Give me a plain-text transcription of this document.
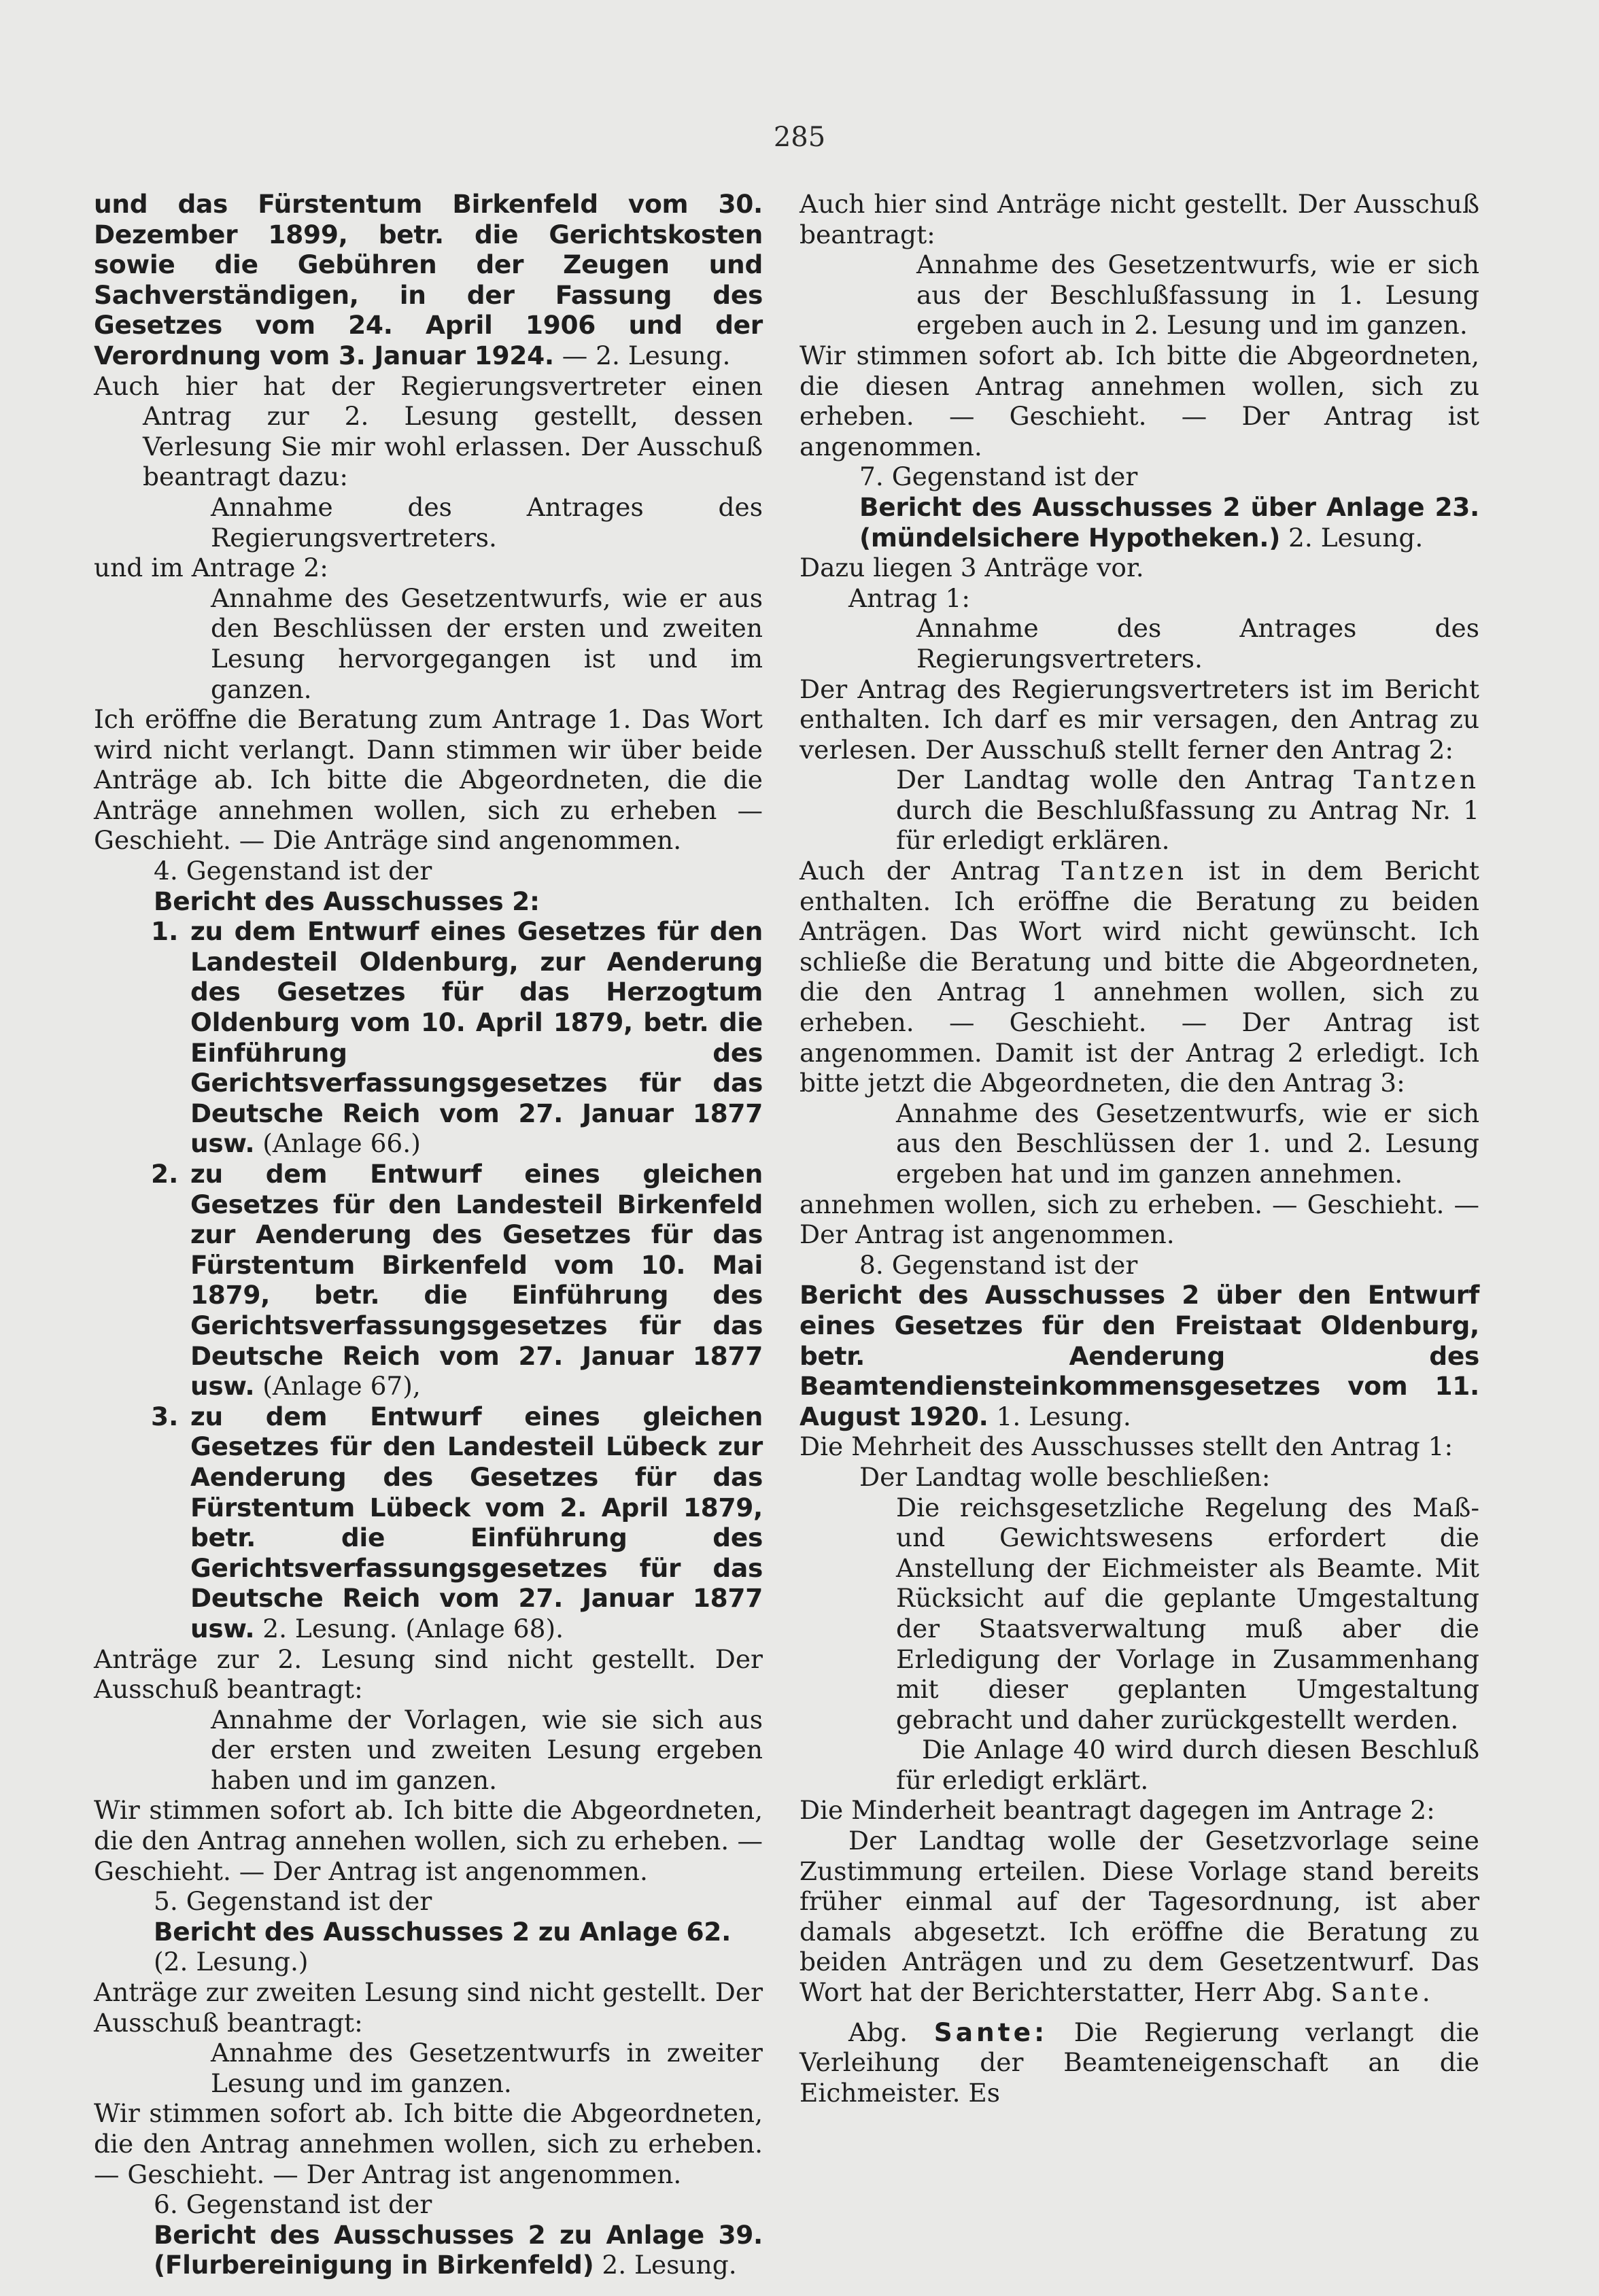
285

und das Fürstentum Birkenfeld vom 30. Dezember 1899, betr. die Gerichtskosten sowie die Gebühren der Zeugen und Sachverständigen, in der Fassung des Gesetzes vom 24. April 1906 und der Verordnung vom 3. Januar 1924. — 2. Lesung.

Auch hier hat der Regierungsvertreter einen Antrag zur 2. Lesung gestellt, dessen Verlesung Sie mir wohl erlassen. Der Ausschuß beantragt dazu:

Annahme des Antrages des Regierungsvertreters.

und im Antrage 2:

Annahme des Gesetzentwurfs, wie er aus den Beschlüssen der ersten und zweiten Lesung hervorgegangen ist und im ganzen.

Ich eröffne die Beratung zum Antrage 1. Das Wort wird nicht verlangt. Dann stimmen wir über beide Anträge ab. Ich bitte die Abgeordneten, die die Anträge annehmen wollen, sich zu erheben — Geschieht. — Die Anträge sind angenommen.

4. Gegenstand ist der

Bericht des Ausschusses 2:

1. zu dem Entwurf eines Gesetzes für den Landesteil Oldenburg, zur Aenderung des Gesetzes für das Herzogtum Oldenburg vom 10. April 1879, betr. die Einführung des Gerichtsverfassungsgesetzes für das Deutsche Reich vom 27. Januar 1877 usw. (Anlage 66.)
2. zu dem Entwurf eines gleichen Gesetzes für den Landesteil Birkenfeld zur Aenderung des Gesetzes für das Fürstentum Birkenfeld vom 10. Mai 1879, betr. die Einführung des Gerichtsverfassungsgesetzes für das Deutsche Reich vom 27. Januar 1877 usw. (Anlage 67),
3. zu dem Entwurf eines gleichen Gesetzes für den Landesteil Lübeck zur Aenderung des Gesetzes für das Fürstentum Lübeck vom 2. April 1879, betr. die Einführung des Gerichtsverfassungsgesetzes für das Deutsche Reich vom 27. Januar 1877 usw. 2. Lesung. (Anlage 68).

Anträge zur 2. Lesung sind nicht gestellt. Der Ausschuß beantragt:

Annahme der Vorlagen, wie sie sich aus der ersten und zweiten Lesung ergeben haben und im ganzen.

Wir stimmen sofort ab. Ich bitte die Abgeordneten, die den Antrag annehen wollen, sich zu erheben. — Geschieht. — Der Antrag ist angenommen.

5. Gegenstand ist der

Bericht des Ausschusses 2 zu Anlage 62. (2. Lesung.)

Anträge zur zweiten Lesung sind nicht gestellt. Der Ausschuß beantragt:

Annahme des Gesetzentwurfs in zweiter Lesung und im ganzen.

Wir stimmen sofort ab. Ich bitte die Abgeordneten, die den Antrag annehmen wollen, sich zu erheben. — Geschieht. — Der Antrag ist angenommen.

6. Gegenstand ist der

Bericht des Ausschusses 2 zu Anlage 39. (Flurbereinigung in Birkenfeld) 2. Lesung.

Auch hier sind Anträge nicht gestellt. Der Ausschuß beantragt:

Annahme des Gesetzentwurfs, wie er sich aus der Beschlußfassung in 1. Lesung ergeben auch in 2. Lesung und im ganzen.

Wir stimmen sofort ab. Ich bitte die Abgeordneten, die diesen Antrag annehmen wollen, sich zu erheben. — Geschieht. — Der Antrag ist angenommen.

7. Gegenstand ist der

Bericht des Ausschusses 2 über Anlage 23. (mündelsichere Hypotheken.) 2. Lesung.

Dazu liegen 3 Anträge vor.

Antrag 1:

Annahme des Antrages des Regierungsvertreters.

Der Antrag des Regierungsvertreters ist im Bericht enthalten. Ich darf es mir versagen, den Antrag zu verlesen. Der Ausschuß stellt ferner den Antrag 2:

Der Landtag wolle den Antrag Tantzen durch die Beschlußfassung zu Antrag Nr. 1 für erledigt erklären.

Auch der Antrag Tantzen ist in dem Bericht enthalten. Ich eröffne die Beratung zu beiden Anträgen. Das Wort wird nicht gewünscht. Ich schließe die Beratung und bitte die Abgeordneten, die den Antrag 1 annehmen wollen, sich zu erheben. — Geschieht. — Der Antrag ist angenommen. Damit ist der Antrag 2 erledigt. Ich bitte jetzt die Abgeordneten, die den Antrag 3:

Annahme des Gesetzentwurfs, wie er sich aus den Beschlüssen der 1. und 2. Lesung ergeben hat und im ganzen annehmen.

annehmen wollen, sich zu erheben. — Geschieht. — Der Antrag ist angenommen.

8. Gegenstand ist der

Bericht des Ausschusses 2 über den Entwurf eines Gesetzes für den Freistaat Oldenburg, betr. Aenderung des Beamtendiensteinkommensgesetzes vom 11. August 1920. 1. Lesung.

Die Mehrheit des Ausschusses stellt den Antrag 1:

Der Landtag wolle beschließen:

Die reichsgesetzliche Regelung des Maß- und Gewichtswesens erfordert die Anstellung der Eichmeister als Beamte. Mit Rücksicht auf die geplante Umgestaltung der Staatsverwaltung muß aber die Erledigung der Vorlage in Zusammenhang mit dieser geplanten Umgestaltung gebracht und daher zurückgestellt werden.

Die Anlage 40 wird durch diesen Beschluß für erledigt erklärt.

Die Minderheit beantragt dagegen im Antrage 2:

Der Landtag wolle der Gesetzvorlage seine Zustimmung erteilen. Diese Vorlage stand bereits früher einmal auf der Tagesordnung, ist aber damals abgesetzt. Ich eröffne die Beratung zu beiden Anträgen und zu dem Gesetzentwurf. Das Wort hat der Berichterstatter, Herr Abg. Sante.

Abg. Sante: Die Regierung verlangt die Verleihung der Beamteneigenschaft an die Eichmeister. Es
